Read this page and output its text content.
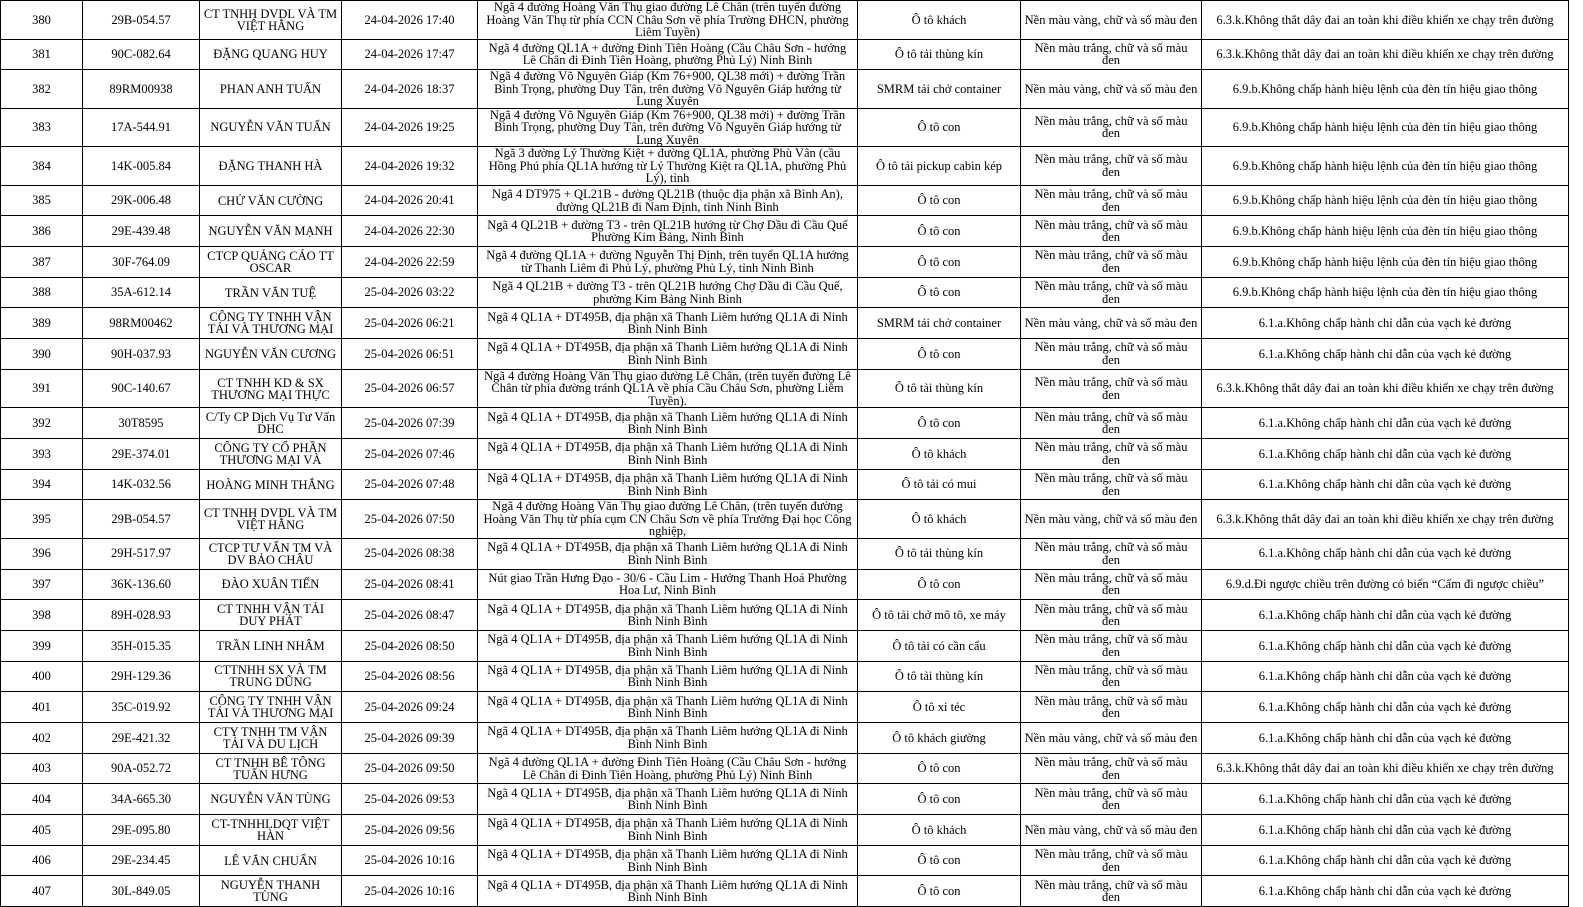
380	29B-054.57	CT TNHH DVDL VÀ TM VIỆT HẰNG	24-04-2026 17:40	Ngã 4 đường Hoàng Văn Thụ giao đường Lê Chân (trên tuyến đường Hoàng Văn Thụ từ phía CCN Châu Sơn về phía Trường ĐHCN, phường Liêm Tuyền)	Ô tô khách	Nền màu vàng, chữ và số màu đen	6.3.k.Không thắt dây đai an toàn khi điều khiển xe chạy trên đường
381	90C-082.64	ĐẶNG QUANG HUY	24-04-2026 17:47	Ngã 4 đường QL1A + đường Đinh Tiên Hoàng (Cầu Châu Sơn - hướng Lê Chân đi Đinh Tiên Hoàng, phường Phủ Lý) Ninh Bình	Ô tô tải thùng kín	Nền màu trắng, chữ và số màu đen	6.3.k.Không thắt dây đai an toàn khi điều khiển xe chạy trên đường
382	89RM00938	PHAN ANH TUẤN	24-04-2026 18:37	Ngã 4 đường Võ Nguyên Giáp (Km 76+900, QL38 mới) + đường Trần Bình Trọng, phường Duy Tân, trên đường Võ Nguyên Giáp hướng từ Lung Xuyên	SMRM tải chở container	Nền màu vàng, chữ và số màu đen	6.9.b.Không chấp hành hiệu lệnh của đèn tín hiệu giao thông
383	17A-544.91	NGUYỄN VĂN TUẤN	24-04-2026 19:25	Ngã 4 đường Võ Nguyên Giáp (Km 76+900, QL38 mới) + đường Trần Bình Trọng, phường Duy Tân, trên đường Võ Nguyên Giáp hướng từ Lung Xuyên	Ô tô con	Nền màu trắng, chữ và số màu đen	6.9.b.Không chấp hành hiệu lệnh của đèn tín hiệu giao thông
384	14K-005.84	ĐẶNG THANH HÀ	24-04-2026 19:32	Ngã 3 đường Lý Thường Kiệt + đường QL1A, phường Phù Vân (cầu Hồng Phú phía QL1A hướng từ Lý Thường Kiệt ra QL1A, phường Phủ Lý), tỉnh	Ô tô tải pickup cabin kép	Nền màu trắng, chữ và số màu đen	6.9.b.Không chấp hành hiệu lệnh của đèn tín hiệu giao thông
385	29K-006.48	CHỬ VĂN CƯỜNG	24-04-2026 20:41	Ngã 4 DT975 + QL21B - đường QL21B (thuộc địa phận xã Bình An), đường QL21B đi Nam Định, tỉnh Ninh Bình	Ô tô con	Nền màu trắng, chữ và số màu đen	6.9.b.Không chấp hành hiệu lệnh của đèn tín hiệu giao thông
386	29E-439.48	NGUYỄN VĂN MẠNH	24-04-2026 22:30	Ngã 4 QL21B + đường T3 - trên QL21B hướng từ Chợ Dầu đi Cầu Quế Phường Kim Bảng, Ninh Bình	Ô tô con	Nền màu trắng, chữ và số màu đen	6.9.b.Không chấp hành hiệu lệnh của đèn tín hiệu giao thông
387	30F-764.09	CTCP QUẢNG CÁO TT OSCAR	24-04-2026 22:59	Ngã 4 đường QL1A + đường Nguyễn Thị Định, trên tuyến QL1A hướng từ Thanh Liêm đi Phủ Lý, phường Phủ Lý, tỉnh Ninh Bình	Ô tô con	Nền màu trắng, chữ và số màu đen	6.9.b.Không chấp hành hiệu lệnh của đèn tín hiệu giao thông
388	35A-612.14	TRẦN VĂN TUỆ	25-04-2026 03:22	Ngã 4 QL21B + đường T3 - trên QL21B hướng Chợ Dầu đi Cầu Quế, phường Kim Bảng Ninh Bình	Ô tô con	Nền màu trắng, chữ và số màu đen	6.9.b.Không chấp hành hiệu lệnh của đèn tín hiệu giao thông
389	98RM00462	CÔNG TY TNHH VẬN TẢI VÀ THƯƠNG MẠI	25-04-2026 06:21	Ngã 4 QL1A + DT495B, địa phận xã Thanh Liêm hướng QL1A đi Ninh Bình Ninh Bình	SMRM tải chở container	Nền màu vàng, chữ và số màu đen	6.1.a.Không chấp hành chỉ dẫn của vạch kẻ đường
390	90H-037.93	NGUYỄN VĂN CƯƠNG	25-04-2026 06:51	Ngã 4 QL1A + DT495B, địa phận xã Thanh Liêm hướng QL1A đi Ninh Bình Ninh Bình	Ô tô con	Nền màu trắng, chữ và số màu đen	6.1.a.Không chấp hành chỉ dẫn của vạch kẻ đường
391	90C-140.67	CT TNHH KD & SX THƯƠNG MẠI THỰC	25-04-2026 06:57	Ngã 4 đường Hoàng Văn Thụ giao đường Lê Chân, (trên tuyến đường Lê Chân từ phía đường tránh QL1A về phía Cầu Châu Sơn, phường Liêm Tuyền).	Ô tô tải thùng kín	Nền màu trắng, chữ và số màu đen	6.3.k.Không thắt dây đai an toàn khi điều khiển xe chạy trên đường
392	30T8595	C/Ty CP Dịch Vụ Tư Vấn DHC	25-04-2026 07:39	Ngã 4 QL1A + DT495B, địa phận xã Thanh Liêm hướng QL1A đi Ninh Bình Ninh Bình	Ô tô con	Nền màu trắng, chữ và số màu đen	6.1.a.Không chấp hành chỉ dẫn của vạch kẻ đường
393	29E-374.01	CÔNG TY CỔ PHẦN THƯƠNG MẠI VÀ	25-04-2026 07:46	Ngã 4 QL1A + DT495B, địa phận xã Thanh Liêm hướng QL1A đi Ninh Bình Ninh Bình	Ô tô khách	Nền màu trắng, chữ và số màu đen	6.1.a.Không chấp hành chỉ dẫn của vạch kẻ đường
394	14K-032.56	HOÀNG MINH THẮNG	25-04-2026 07:48	Ngã 4 QL1A + DT495B, địa phận xã Thanh Liêm hướng QL1A đi Ninh Bình Ninh Bình	Ô tô tải có mui	Nền màu trắng, chữ và số màu đen	6.1.a.Không chấp hành chỉ dẫn của vạch kẻ đường
395	29B-054.57	CT TNHH DVDL VÀ TM VIỆT HẰNG	25-04-2026 07:50	Ngã 4 đường Hoàng Văn Thụ giao đường Lê Chân, (trên tuyến đường Hoàng Văn Thụ từ phía cụm CN Châu Sơn về phía Trường Đại học Công nghiệp,	Ô tô khách	Nền màu vàng, chữ và số màu đen	6.3.k.Không thắt dây đai an toàn khi điều khiển xe chạy trên đường
396	29H-517.97	CTCP TƯ VẤN TM VÀ DV BẢO CHÂU	25-04-2026 08:38	Ngã 4 QL1A + DT495B, địa phận xã Thanh Liêm hướng QL1A đi Ninh Bình Ninh Bình	Ô tô tải thùng kín	Nền màu trắng, chữ và số màu đen	6.1.a.Không chấp hành chỉ dẫn của vạch kẻ đường
397	36K-136.60	ĐÀO XUÂN TIẾN	25-04-2026 08:41	Nút giao Trần Hưng Đạo - 30/6 - Cầu Lim - Hướng Thanh Hoá Phường Hoa Lư, Ninh Bình	Ô tô con	Nền màu trắng, chữ và số màu đen	6.9.d.Đi ngược chiều trên đường có biển “Cấm đi ngược chiều”
398	89H-028.93	CT TNHH VẬN TẢI DUY PHÁT	25-04-2026 08:47	Ngã 4 QL1A + DT495B, địa phận xã Thanh Liêm hướng QL1A đi Ninh Bình Ninh Bình	Ô tô tải chở mô tô, xe máy	Nền màu trắng, chữ và số màu đen	6.1.a.Không chấp hành chỉ dẫn của vạch kẻ đường
399	35H-015.35	TRẦN LINH NHÂM	25-04-2026 08:50	Ngã 4 QL1A + DT495B, địa phận xã Thanh Liêm hướng QL1A đi Ninh Bình Ninh Bình	Ô tô tải có cần cẩu	Nền màu trắng, chữ và số màu đen	6.1.a.Không chấp hành chỉ dẫn của vạch kẻ đường
400	29H-129.36	CTTNHH SX VÀ TM TRUNG DŨNG	25-04-2026 08:56	Ngã 4 QL1A + DT495B, địa phận xã Thanh Liêm hướng QL1A đi Ninh Bình Ninh Bình	Ô tô tải thùng kín	Nền màu trắng, chữ và số màu đen	6.1.a.Không chấp hành chỉ dẫn của vạch kẻ đường
401	35C-019.92	CÔNG TY TNHH VẬN TẢI VÀ THƯƠNG MẠI	25-04-2026 09:24	Ngã 4 QL1A + DT495B, địa phận xã Thanh Liêm hướng QL1A đi Ninh Bình Ninh Bình	Ô tô xi téc	Nền màu trắng, chữ và số màu đen	6.1.a.Không chấp hành chỉ dẫn của vạch kẻ đường
402	29E-421.32	CTY TNHH TM VẬN TẢI VÀ DU LỊCH	25-04-2026 09:39	Ngã 4 QL1A + DT495B, địa phận xã Thanh Liêm hướng QL1A đi Ninh Bình Ninh Bình	Ô tô khách giường	Nền màu vàng, chữ và số màu đen	6.1.a.Không chấp hành chỉ dẫn của vạch kẻ đường
403	90A-052.72	CT TNHH BÊ TÔNG TUẤN HƯNG	25-04-2026 09:50	Ngã 4 đường QL1A + đường Đinh Tiên Hoàng (Cầu Châu Sơn - hướng Lê Chân đi Đinh Tiên Hoàng, phường Phủ Lý) Ninh Bình	Ô tô con	Nền màu trắng, chữ và số màu đen	6.3.k.Không thắt dây đai an toàn khi điều khiển xe chạy trên đường
404	34A-665.30	NGUYỄN VĂN TÙNG	25-04-2026 09:53	Ngã 4 QL1A + DT495B, địa phận xã Thanh Liêm hướng QL1A đi Ninh Bình Ninh Bình	Ô tô con	Nền màu trắng, chữ và số màu đen	6.1.a.Không chấp hành chỉ dẫn của vạch kẻ đường
405	29E-095.80	CT-TNHHLDQT VIỆT HÀN	25-04-2026 09:56	Ngã 4 QL1A + DT495B, địa phận xã Thanh Liêm hướng QL1A đi Ninh Bình Ninh Bình	Ô tô khách	Nền màu vàng, chữ và số màu đen	6.1.a.Không chấp hành chỉ dẫn của vạch kẻ đường
406	29E-234.45	LÊ VĂN CHUẨN	25-04-2026 10:16	Ngã 4 QL1A + DT495B, địa phận xã Thanh Liêm hướng QL1A đi Ninh Bình Ninh Bình	Ô tô con	Nền màu trắng, chữ và số màu đen	6.1.a.Không chấp hành chỉ dẫn của vạch kẻ đường
407	30L-849.05	NGUYỄN THANH TÙNG	25-04-2026 10:16	Ngã 4 QL1A + DT495B, địa phận xã Thanh Liêm hướng QL1A đi Ninh Bình Ninh Bình	Ô tô con	Nền màu trắng, chữ và số màu đen	6.1.a.Không chấp hành chỉ dẫn của vạch kẻ đường
